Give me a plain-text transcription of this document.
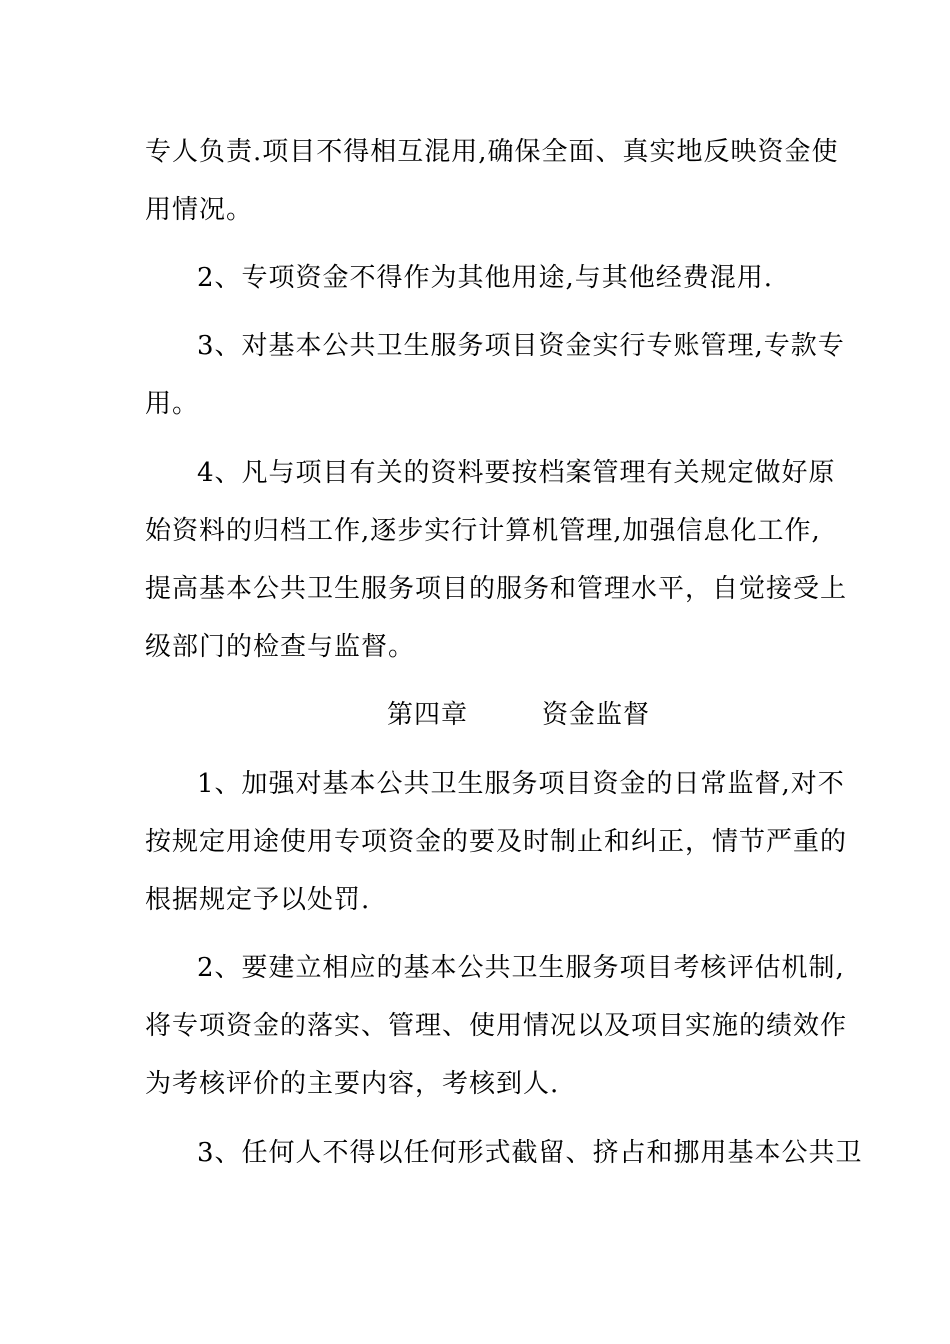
专人负责.项目不得相互混用,确保全面、真实地反映资金使
用情况。
2、专项资金不得作为其他用途,与其他经费混用.
3、对基本公共卫生服务项目资金实行专账管理,专款专
用。
4、凡与项目有关的资料要按档案管理有关规定做好原
始资料的归档工作,逐步实行计算机管理,加强信息化工作,
提高基本公共卫生服务项目的服务和管理水平，自觉接受上
级部门的检查与监督。
第四章	资金监督
1、加强对基本公共卫生服务项目资金的日常监督,对不
按规定用途使用专项资金的要及时制止和纠正，情节严重的
根据规定予以处罚.
2、要建立相应的基本公共卫生服务项目考核评估机制,
将专项资金的落实、管理、使用情况以及项目实施的绩效作
为考核评价的主要内容，考核到人.
3、任何人不得以任何形式截留、挤占和挪用基本公共卫
